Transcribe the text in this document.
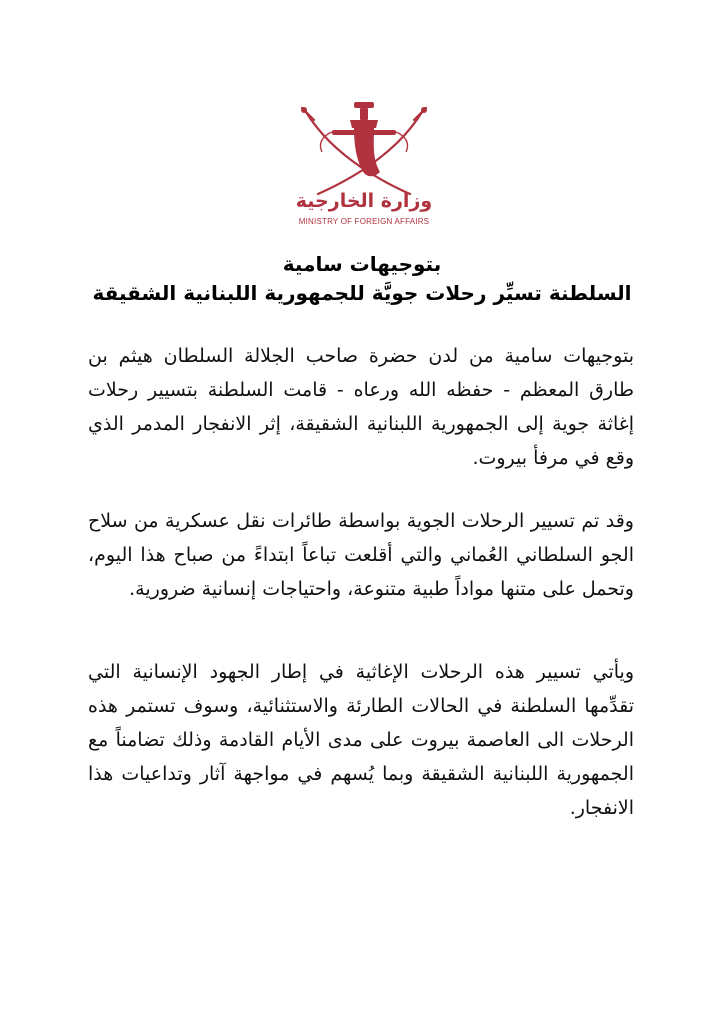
وزارة الخارجية
MINISTRY OF FOREIGN AFFAIRS
بتوجيهات سامية
السلطنة تسيِّر رحلات جويَّة للجمهورية اللبنانية الشقيقة
بتوجيهات سامية من لدن حضرة صاحب الجلالة السلطان هيثم بن طارق المعظم - حفظه الله ورعاه - قامت السلطنة بتسيير رحلات إغاثة جوية إلى الجمهورية اللبنانية الشقيقة، إثر الانفجار المدمر الذي وقع في مرفأ بيروت.
وقد تم تسيير الرحلات الجوية بواسطة طائرات نقل عسكرية من سلاح الجو السلطاني العُماني والتي أقلعت تباعاً ابتداءً من صباح هذا اليوم، وتحمل على متنها مواداً طبية متنوعة، واحتياجات إنسانية ضرورية.
ويأتي تسيير هذه الرحلات الإغاثية في إطار الجهود الإنسانية التي تقدِّمها السلطنة في الحالات الطارئة والاستثنائية، وسوف تستمر هذه الرحلات الى العاصمة بيروت على مدى الأيام القادمة وذلك تضامناً مع الجمهورية اللبنانية الشقيقة وبما يُسهم في مواجهة آثار وتداعيات هذا الانفجار.
